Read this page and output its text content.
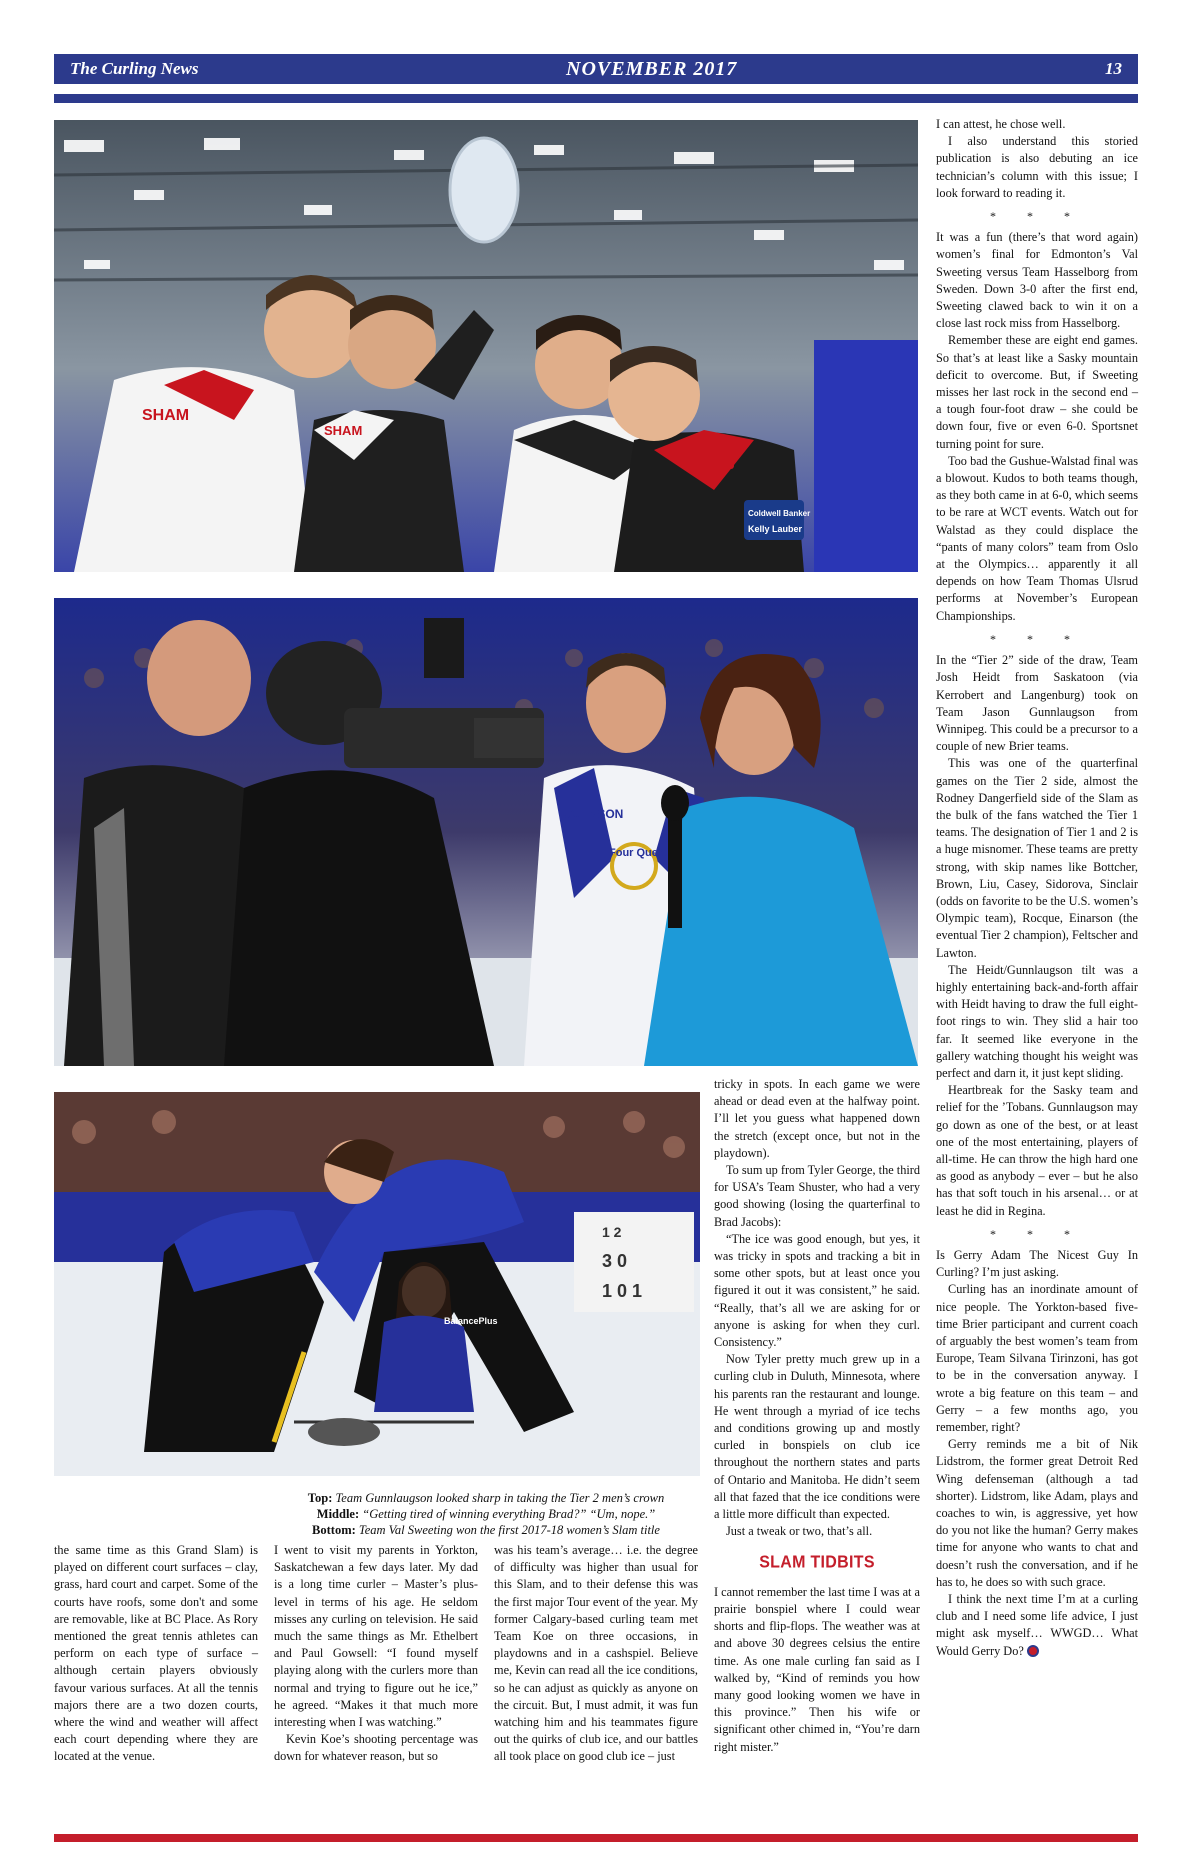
The Curling News	NOVEMBER 2017	13
SHAM
SHAM
Coldwell Banker
Kelly Lauber
JOHNSON
Four Quest
1 2
3 0
1 0 1
BalancePlus
Top: Team Gunnlaugson looked sharp in taking the Tier 2 men’s crown
Middle: “Getting tired of winning everything Brad?” “Um, nope.”
Bottom: Team Val Sweeting won the first 2017-18 women’s Slam title

I can attest, he chose well.

I also understand this storied publication is also debuting an ice technician’s column with this issue; I look forward to reading it.

* * *

It was a fun (there’s that word again) women’s final for Edmonton’s Val Sweeting versus Team Hasselborg from Sweden. Down 3-0 after the first end, Sweeting clawed back to win it on a close last rock miss from Hasselborg.

Remember these are eight end games. So that’s at least like a Sasky mountain deficit to overcome. But, if Sweeting misses her last rock in the second end – a tough four-foot draw – she could be down four, five or even 6-0. Sportsnet turning point for sure.

Too bad the Gushue-Walstad final was a blowout. Kudos to both teams though, as they both came in at 6-0, which seems to be rare at WCT events. Watch out for Walstad as they could displace the “pants of many colors” team from Oslo at the Olympics… apparently it all depends on how Team Thomas Ulsrud performs at November’s European Championships.

* * *

In the “Tier 2” side of the draw, Team Josh Heidt from Saskatoon (via Kerrobert and Langenburg) took on Team Jason Gunnlaugson from Winnipeg. This could be a precursor to a couple of new Brier teams.

This was one of the quarterfinal games on the Tier 2 side, almost the Rodney Dangerfield side of the Slam as the bulk of the fans watched the Tier 1 teams. The designation of Tier 1 and 2 is a huge misnomer. These teams are pretty strong, with skip names like Bottcher, Brown, Liu, Casey, Sidorova, Sinclair (odds on favorite to be the U.S. women’s Olympic team), Rocque, Einarson (the eventual Tier 2 champion), Feltscher and Lawton.

The Heidt/Gunnlaugson tilt was a highly entertaining back-and-forth affair with Heidt having to draw the full eight-foot rings to win. They slid a hair too far. It seemed like everyone in the gallery watching thought his weight was perfect and darn it, it just kept sliding.

Heartbreak for the Sasky team and relief for the ’Tobans. Gunnlaugson may go down as one of the best, or at least one of the most entertaining, players of all-time. He can throw the high hard one as good as anybody – ever – but he also has that soft touch in his arsenal… or at least he did in Regina.

* * *

Is Gerry Adam The Nicest Guy In Curling? I’m just asking.

Curling has an inordinate amount of nice people. The Yorkton-based five-time Brier participant and current coach of arguably the best women’s team from Europe, Team Silvana Tirinzoni, has got to be in the conversation anyway. I wrote a big feature on this team – and Gerry – a few months ago, you remember, right?

Gerry reminds me a bit of Nik Lidstrom, the former great Detroit Red Wing defenseman (although a tad shorter). Lidstrom, like Adam, plays and coaches to win, is aggressive, yet how do you not like the human? Gerry makes time for anyone who wants to chat and doesn’t rush the conversation, and if he has to, he does so with such grace.

I think the next time I’m at a curling club and I need some life advice, I just might ask myself… WWGD… What Would Gerry Do?

tricky in spots. In each game we were ahead or dead even at the halfway point. I’ll let you guess what happened down the stretch (except once, but not in the playdown).

To sum up from Tyler George, the third for USA’s Team Shuster, who had a very good showing (losing the quarterfinal to Brad Jacobs):

“The ice was good enough, but yes, it was tricky in spots and tracking a bit in some other spots, but at least once you figured it out it was consistent,” he said. “Really, that’s all we are asking for or anyone is asking for when they curl. Consistency.”

Now Tyler pretty much grew up in a curling club in Duluth, Minnesota, where his parents ran the restaurant and lounge. He went through a myriad of ice techs and conditions growing up and mostly curled in bonspiels on club ice throughout the northern states and parts of Ontario and Manitoba. He didn’t seem all that fazed that the ice conditions were a little more difficult than expected.

Just a tweak or two, that’s all.

SLAM TIDBITS

I cannot remember the last time I was at a prairie bonspiel where I could wear shorts and flip-flops. The weather was at and above 30 degrees celsius the entire time. As one male curling fan said as I walked by, “Kind of reminds you how many good looking women we have in this province.” Then his wife or significant other chimed in, “You’re darn right mister.”

the same time as this Grand Slam) is played on different court surfaces – clay, grass, hard court and carpet. Some of the courts have roofs, some don't and some are removable, like at BC Place. As Rory mentioned the great tennis athletes can perform on each type of surface – although certain players obviously favour various surfaces. At all the tennis majors there are a two dozen courts, where the wind and weather will affect each court depending where they are located at the venue.

I went to visit my parents in Yorkton, Saskatchewan a few days later. My dad is a long time curler – Master’s plus-level in terms of his age. He seldom misses any curling on television. He said much the same things as Mr. Ethelbert and Paul Gowsell: “I found myself playing along with the curlers more than normal and trying to figure out he ice,” he agreed. “Makes it that much more interesting when I was watching.”

Kevin Koe’s shooting percentage was down for whatever reason, but so

was his team’s average… i.e. the degree of difficulty was higher than usual for this Slam, and to their defense this was the first major Tour event of the year. My former Calgary-based curling team met Team Koe on three occasions, in playdowns and in a cashspiel. Believe me, Kevin can read all the ice conditions, so he can adjust as quickly as anyone on the circuit. But, I must admit, it was fun watching him and his teammates figure out the quirks of club ice, and our battles all took place on good club ice – just
